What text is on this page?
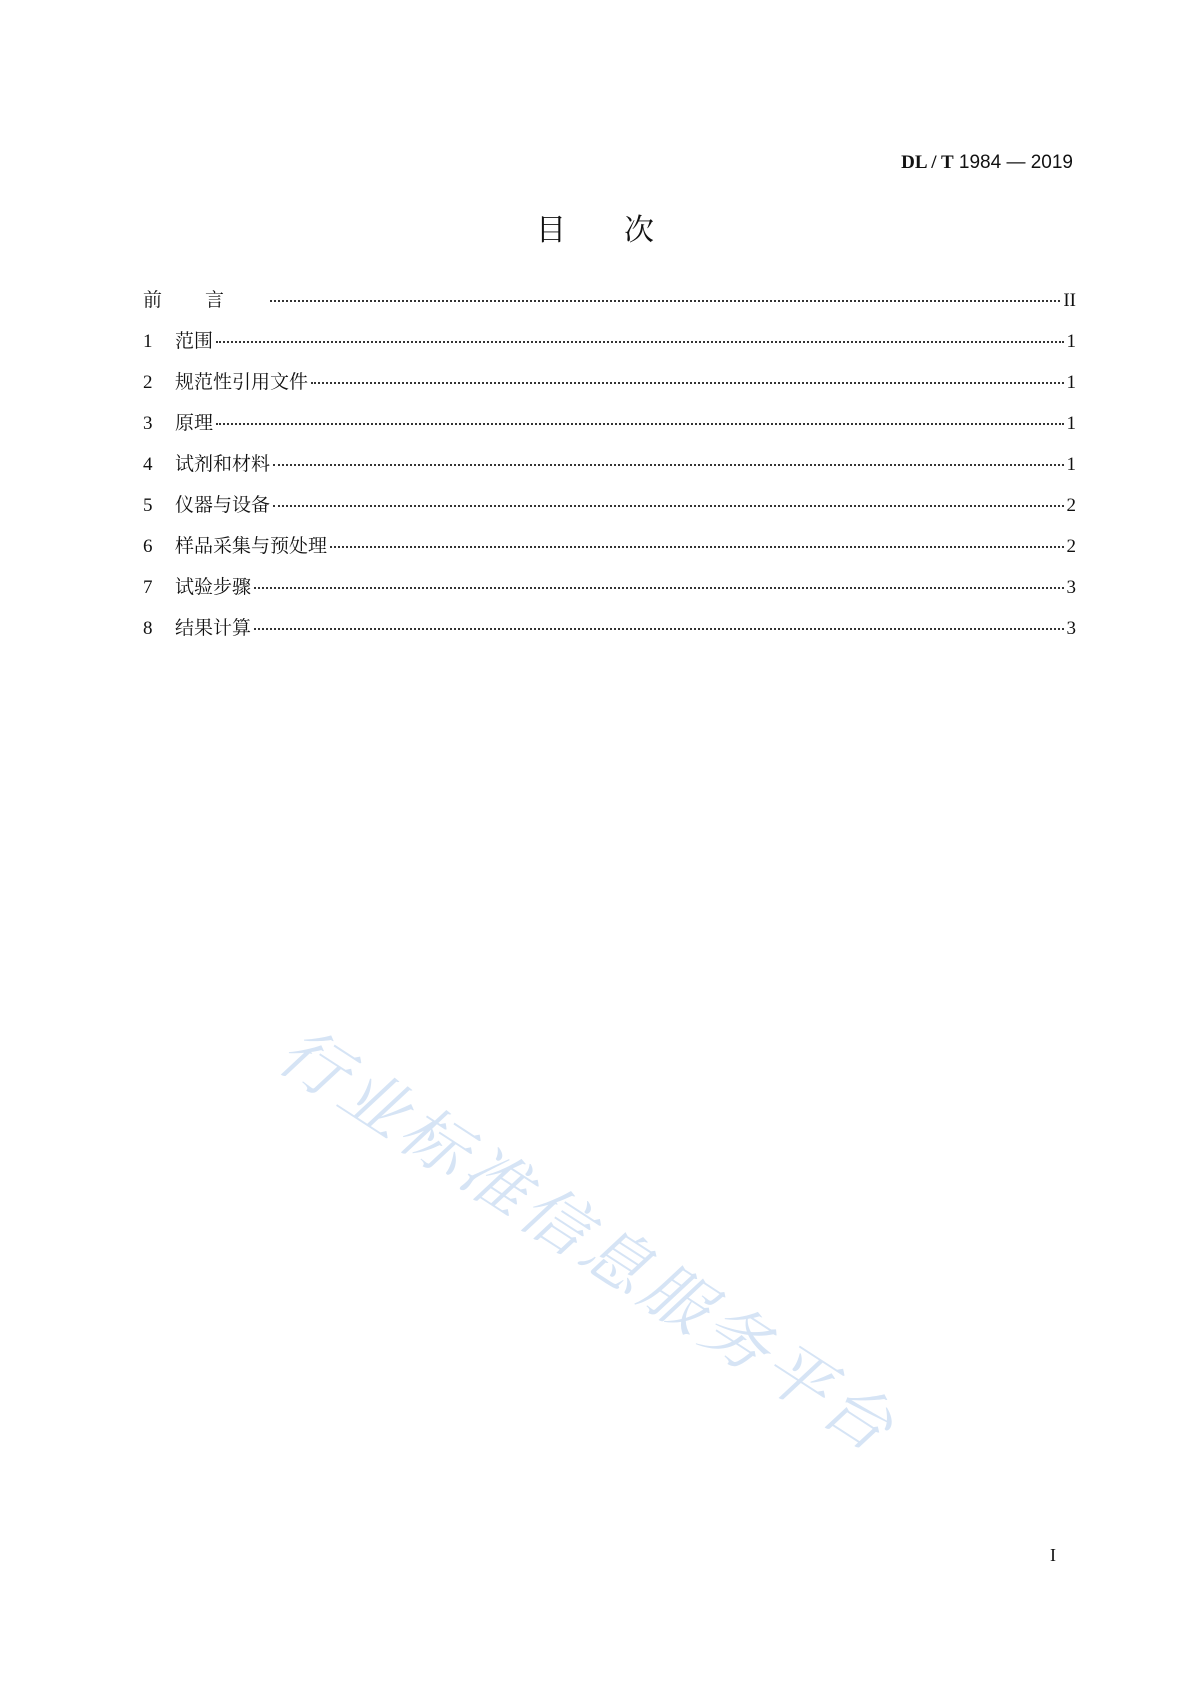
DL / T 1984 — 2019
目次
前言	II
1	范围	1
2	规范性引用文件	1
3	原理	1
4	试剂和材料	1
5	仪器与设备	2
6	样品采集与预处理	2
7	试验步骤	3
8	结果计算	3
行业标准信息服务平台
I
